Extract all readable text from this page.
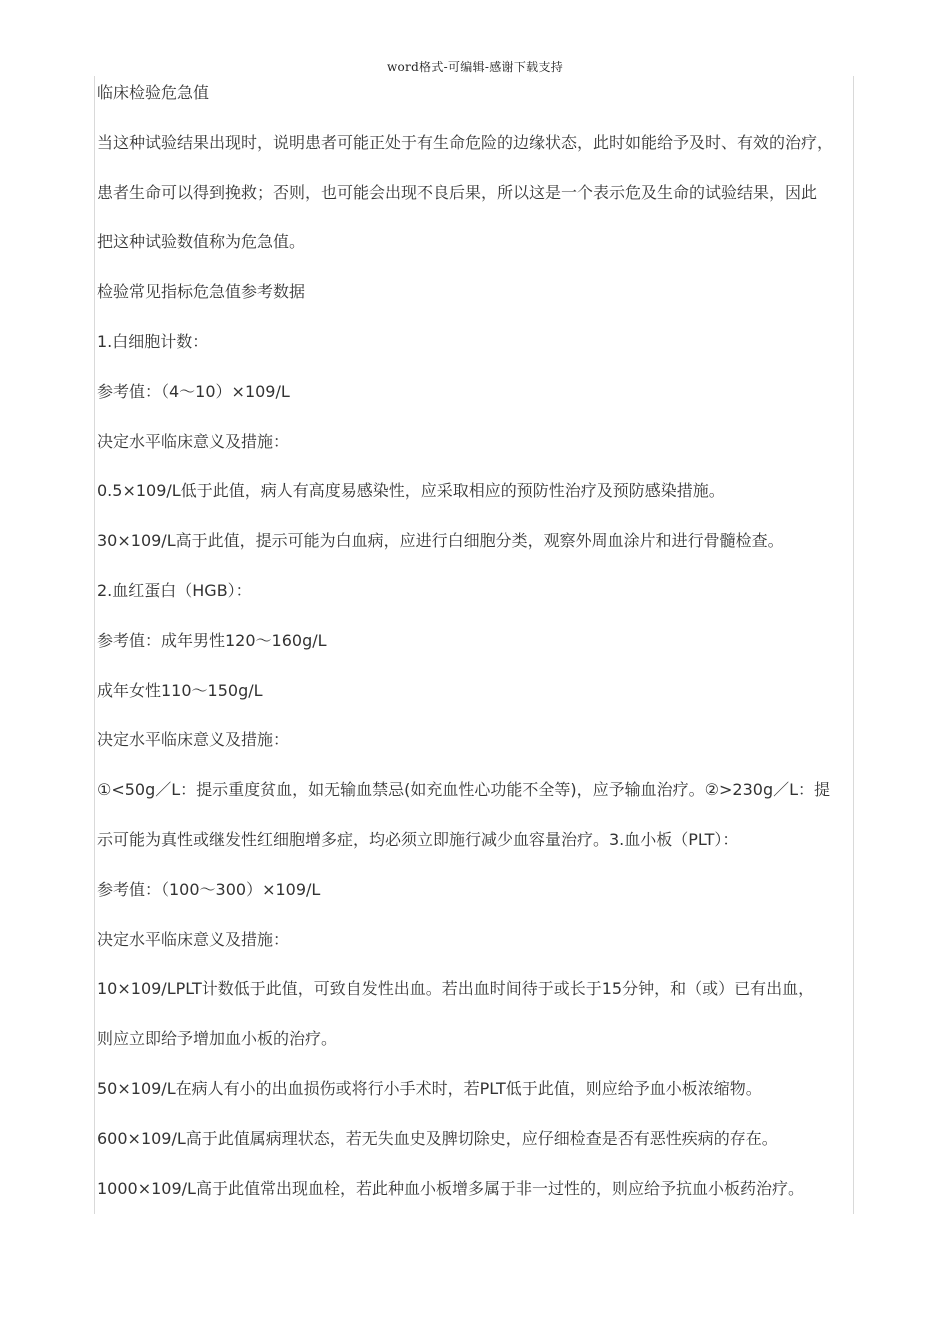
word格式-可编辑-感谢下载支持
临床检验危急值
当这种试验结果出现时，说明患者可能正处于有生命危险的边缘状态，此时如能给予及时、有效的治疗，
患者生命可以得到挽救；否则，也可能会出现不良后果，所以这是一个表示危及生命的试验结果，因此
把这种试验数值称为危急值。
检验常见指标危急值参考数据
1.白细胞计数：
参考值：（4～10）×109/L
决定水平临床意义及措施：
0.5×109/L低于此值，病人有高度易感染性，应采取相应的预防性治疗及预防感染措施。
30×109/L高于此值，提示可能为白血病，应进行白细胞分类，观察外周血涂片和进行骨髓检查。
2.血红蛋白（HGB）：
参考值：成年男性120～160g/L
成年女性110～150g/L
决定水平临床意义及措施：
①<50g／L：提示重度贫血，如无输血禁忌(如充血性心功能不全等)，应予输血治疗。②>230g／L：提
示可能为真性或继发性红细胞增多症，均必须立即施行减少血容量治疗。3.血小板（PLT）：
参考值：（100～300）×109/L
决定水平临床意义及措施：
10×109/LPLT计数低于此值，可致自发性出血。若出血时间待于或长于15分钟，和（或）已有出血，
则应立即给予增加血小板的治疗。
50×109/L在病人有小的出血损伤或将行小手术时，若PLT低于此值，则应给予血小板浓缩物。
600×109/L高于此值属病理状态，若无失血史及脾切除史，应仔细检查是否有恶性疾病的存在。
1000×109/L高于此值常出现血栓，若此种血小板增多属于非一过性的，则应给予抗血小板药治疗。
